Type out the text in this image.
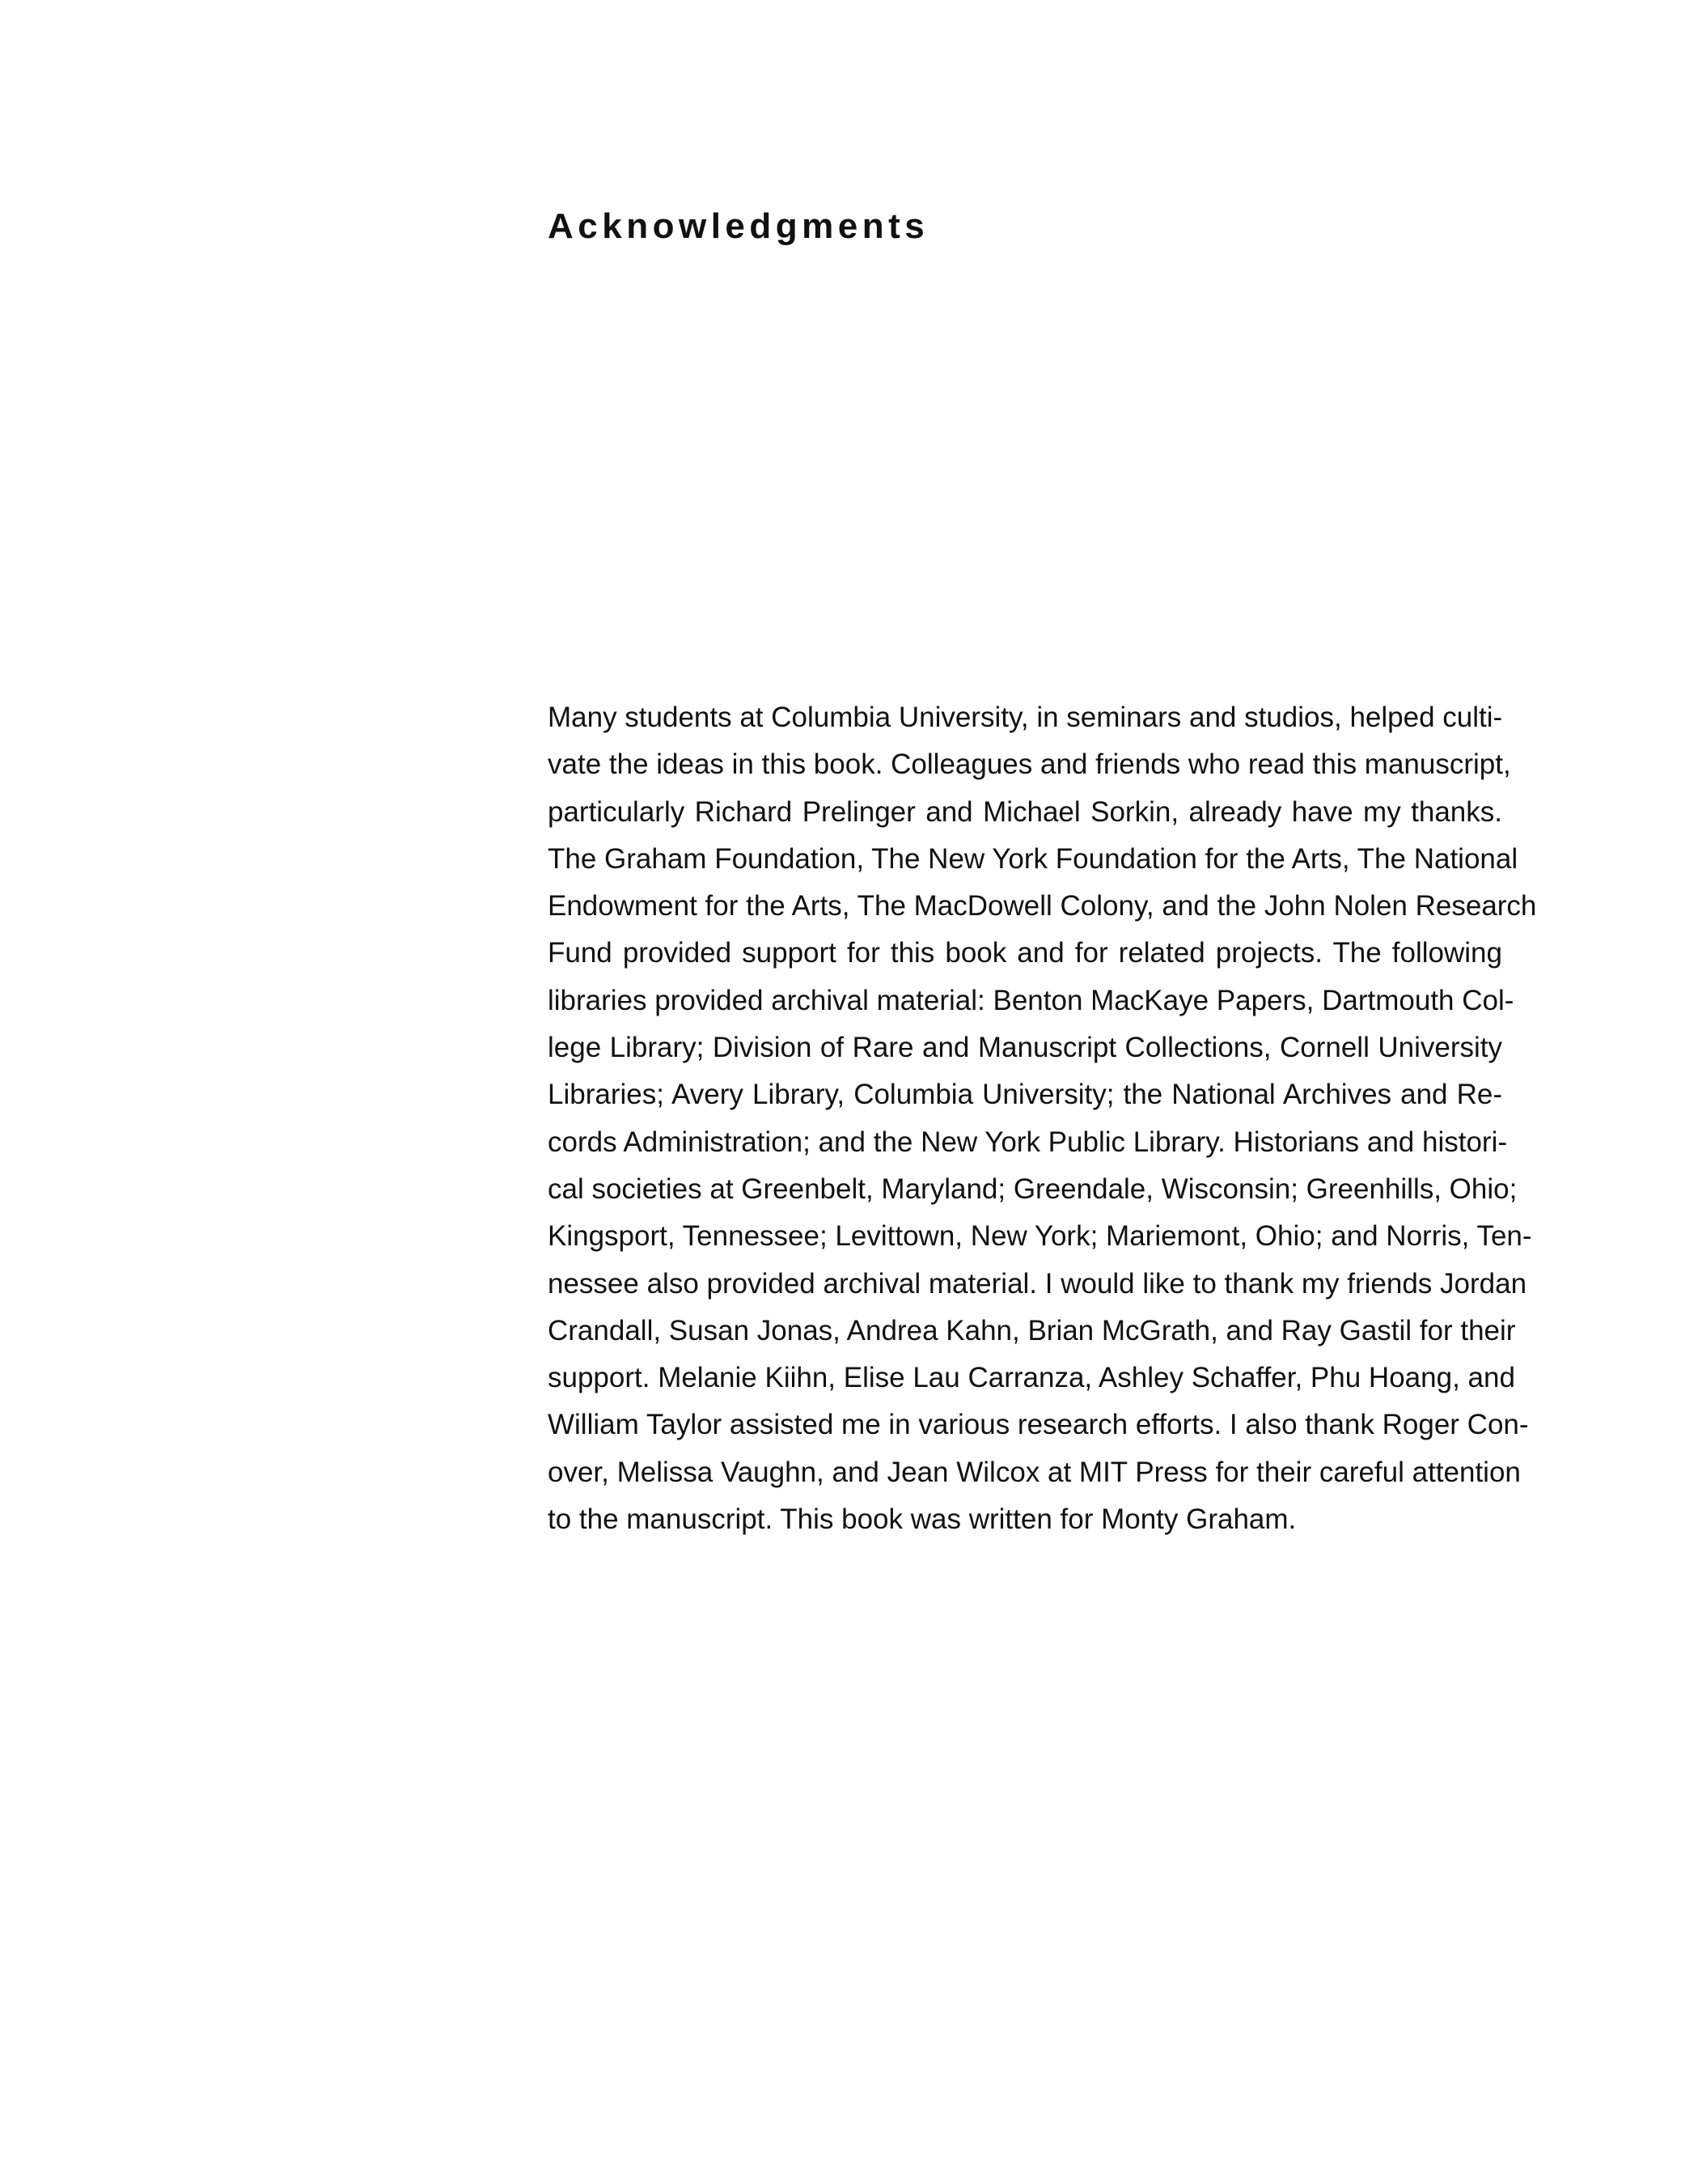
Acknowledgments
Many students at Columbia University, in seminars and studios, helped culti-
vate the ideas in this book. Colleagues and friends who read this manuscript,
particularly Richard Prelinger and Michael Sorkin, already have my thanks.
The Graham Foundation, The New York Foundation for the Arts, The National
Endowment for the Arts, The MacDowell Colony, and the John Nolen Research
Fund provided support for this book and for related projects. The following
libraries provided archival material: Benton MacKaye Papers, Dartmouth Col-
lege Library; Division of Rare and Manuscript Collections, Cornell University
Libraries; Avery Library, Columbia University; the National Archives and Re-
cords Administration; and the New York Public Library. Historians and histori-
cal societies at Greenbelt, Maryland; Greendale, Wisconsin; Greenhills, Ohio;
Kingsport, Tennessee; Levittown, New York; Mariemont, Ohio; and Norris, Ten-
nessee also provided archival material. I would like to thank my friends Jordan
Crandall, Susan Jonas, Andrea Kahn, Brian McGrath, and Ray Gastil for their
support. Melanie Kiihn, Elise Lau Carranza, Ashley Schaffer, Phu Hoang, and
William Taylor assisted me in various research efforts. I also thank Roger Con-
over, Melissa Vaughn, and Jean Wilcox at MIT Press for their careful attention
to the manuscript. This book was written for Monty Graham.
